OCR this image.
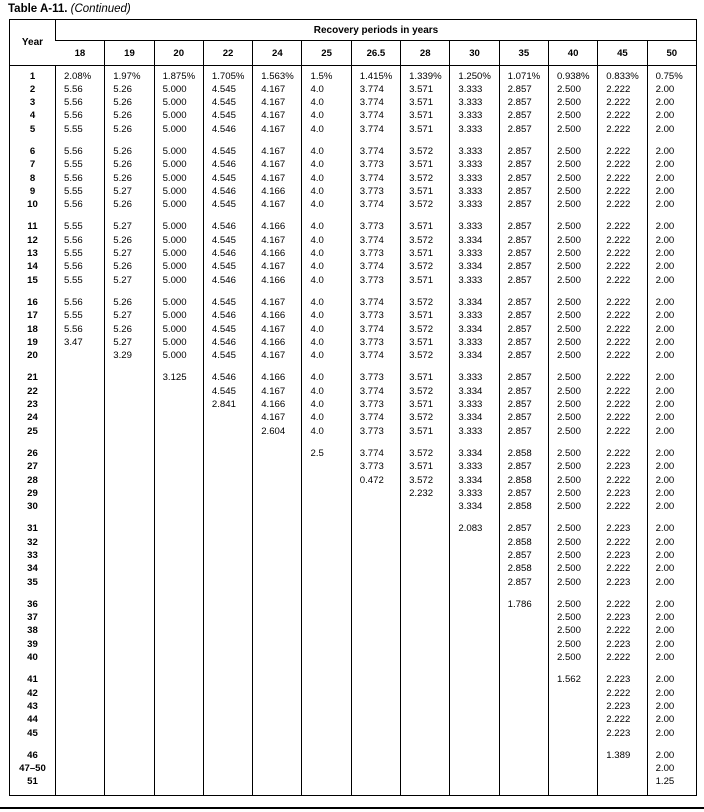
Table A-11. (Continued)
Year	Recovery periods in years												
	18	19	20	22	24	25	26.5	28	30	35	40	45	50

1	2.08%	1.97%	1.875%	1.705%	1.563%	1.5%	1.415%	1.339%	1.250%	1.071%	0.938%	0.833%	0.75%
2	5.56	5.26	5.000	4.545	4.167	4.0	3.774	3.571	3.333	2.857	2.500	2.222	2.00
3	5.56	5.26	5.000	4.545	4.167	4.0	3.774	3.571	3.333	2.857	2.500	2.222	2.00
4	5.56	5.26	5.000	4.545	4.167	4.0	3.774	3.571	3.333	2.857	2.500	2.222	2.00
5	5.55	5.26	5.000	4.546	4.167	4.0	3.774	3.571	3.333	2.857	2.500	2.222	2.00

6	5.56	5.26	5.000	4.545	4.167	4.0	3.774	3.572	3.333	2.857	2.500	2.222	2.00
7	5.55	5.26	5.000	4.546	4.167	4.0	3.773	3.571	3.333	2.857	2.500	2.222	2.00
8	5.56	5.26	5.000	4.545	4.167	4.0	3.774	3.572	3.333	2.857	2.500	2.222	2.00
9	5.55	5.27	5.000	4.546	4.166	4.0	3.773	3.571	3.333	2.857	2.500	2.222	2.00
10	5.56	5.26	5.000	4.545	4.167	4.0	3.774	3.572	3.333	2.857	2.500	2.222	2.00

11	5.55	5.27	5.000	4.546	4.166	4.0	3.773	3.571	3.333	2.857	2.500	2.222	2.00
12	5.56	5.26	5.000	4.545	4.167	4.0	3.774	3.572	3.334	2.857	2.500	2.222	2.00
13	5.55	5.27	5.000	4.546	4.166	4.0	3.773	3.571	3.333	2.857	2.500	2.222	2.00
14	5.56	5.26	5.000	4.545	4.167	4.0	3.774	3.572	3.334	2.857	2.500	2.222	2.00
15	5.55	5.27	5.000	4.546	4.166	4.0	3.773	3.571	3.333	2.857	2.500	2.222	2.00

16	5.56	5.26	5.000	4.545	4.167	4.0	3.774	3.572	3.334	2.857	2.500	2.222	2.00
17	5.55	5.27	5.000	4.546	4.166	4.0	3.773	3.571	3.333	2.857	2.500	2.222	2.00
18	5.56	5.26	5.000	4.545	4.167	4.0	3.774	3.572	3.334	2.857	2.500	2.222	2.00
19	3.47	5.27	5.000	4.546	4.166	4.0	3.773	3.571	3.333	2.857	2.500	2.222	2.00
20		3.29	5.000	4.545	4.167	4.0	3.774	3.572	3.334	2.857	2.500	2.222	2.00

21			3.125	4.546	4.166	4.0	3.773	3.571	3.333	2.857	2.500	2.222	2.00
22				4.545	4.167	4.0	3.774	3.572	3.334	2.857	2.500	2.222	2.00
23				2.841	4.166	4.0	3.773	3.571	3.333	2.857	2.500	2.222	2.00
24					4.167	4.0	3.774	3.572	3.334	2.857	2.500	2.222	2.00
25					2.604	4.0	3.773	3.571	3.333	2.857	2.500	2.222	2.00

26						2.5	3.774	3.572	3.334	2.858	2.500	2.222	2.00
27							3.773	3.571	3.333	2.857	2.500	2.223	2.00
28							0.472	3.572	3.334	2.858	2.500	2.222	2.00
29								2.232	3.333	2.857	2.500	2.223	2.00
30									3.334	2.858	2.500	2.222	2.00

31									2.083	2.857	2.500	2.223	2.00
32										2.858	2.500	2.222	2.00
33										2.857	2.500	2.223	2.00
34										2.858	2.500	2.222	2.00
35										2.857	2.500	2.223	2.00

36										1.786	2.500	2.222	2.00
37											2.500	2.223	2.00
38											2.500	2.222	2.00
39											2.500	2.223	2.00
40											2.500	2.222	2.00

41											1.562	2.223	2.00
42												2.222	2.00
43												2.223	2.00
44												2.222	2.00
45												2.223	2.00

46												1.389	2.00
47–50													2.00
51													1.25
